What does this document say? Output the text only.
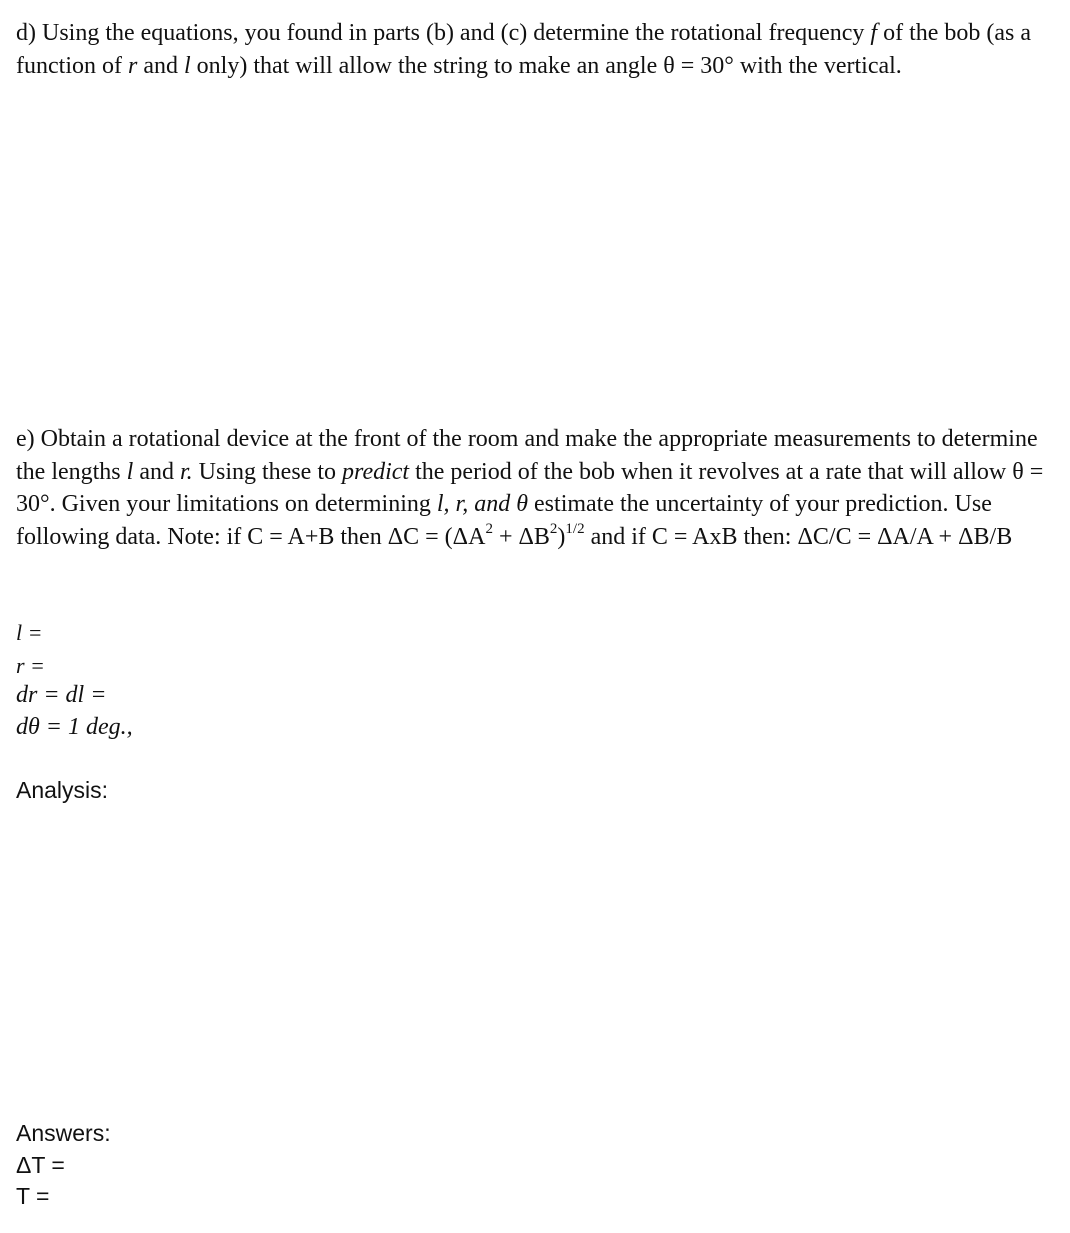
d) Using the equations, you found in parts (b) and (c) determine the rotational frequency f of the bob (as a function of r and l only) that will allow the string to make an angle θ = 30° with the vertical.
e) Obtain a rotational device at the front of the room and make the appropriate measurements to determine the lengths l and r. Using these to predict the period of the bob when it revolves at a rate that will allow θ = 30°. Given your limitations on determining l, r, and θ estimate the uncertainty of your prediction. Use following data. Note: if C = A+B then $\Delta C = (\Delta A^2 + \Delta B^2)^{1/2}$ and if C = AxB then: ΔC/C = ΔA/A + ΔB/B
l =
r =
dr = dl =
dθ = 1 deg.,
Analysis:
Answers:
ΔT =
T =
